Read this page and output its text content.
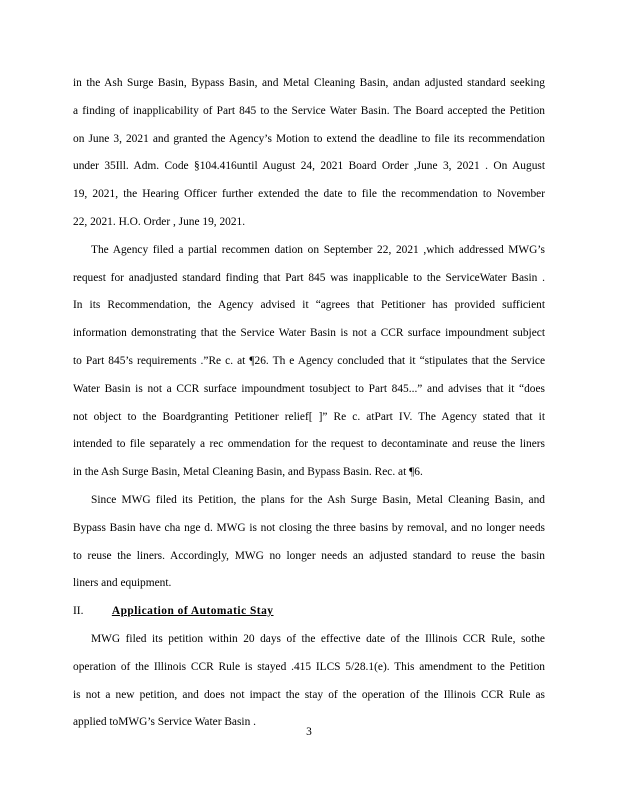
in the Ash Surge Basin, Bypass Basin, and Metal Cleaning Basin, andan adjusted standard seeking
a finding of inapplicability of Part 845 to the Service Water Basin. The Board accepted the Petition
on June 3, 2021 and granted the Agency’s Motion to extend the deadline to file its recommendation
under 35Ill. Adm. Code §104.416until August 24, 2021 Board Order ,June 3, 2021 . On August
19, 2021, the Hearing Officer further extended the date to file the recommendation to November
22, 2021. H.O. Order , June 19, 2021.
The Agency filed a partial recommen dation on September 22, 2021 ,which addressed MWG’s
request for anadjusted standard finding that Part 845 was inapplicable to the ServiceWater Basin .
In its Recommendation, the Agency advised it “agrees that Petitioner has provided sufficient
information demonstrating that the Service Water Basin is not a CCR surface impoundment subject
to Part 845’s requirements .”Re c. at ¶26. Th e Agency concluded that it “stipulates that the Service
Water Basin is not a CCR surface impoundment tosubject to Part 845...” and advises that it “does
not object to the Boardgranting Petitioner relief[ ]” Re c. atPart IV. The Agency stated that it
intended to file separately a rec ommendation for the request to decontaminate and reuse the liners
in the Ash Surge Basin, Metal Cleaning Basin, and Bypass Basin. Rec. at ¶6.
Since MWG filed its Petition, the plans for the Ash Surge Basin, Metal Cleaning Basin, and
Bypass Basin have cha nge d. MWG is not closing the three basins by removal, and no longer needs
to reuse the liners. Accordingly, MWG no longer needs an adjusted standard to reuse the basin
liners and equipment.
II. Application of Automatic Stay
MWG filed its petition within 20 days of the effective date of the Illinois CCR Rule, sothe
operation of the Illinois CCR Rule is stayed .415 ILCS 5/28.1(e). This amendment to the Petition
is not a new petition, and does not impact the stay of the operation of the Illinois CCR Rule as
applied toMWG’s Service Water Basin .
3
